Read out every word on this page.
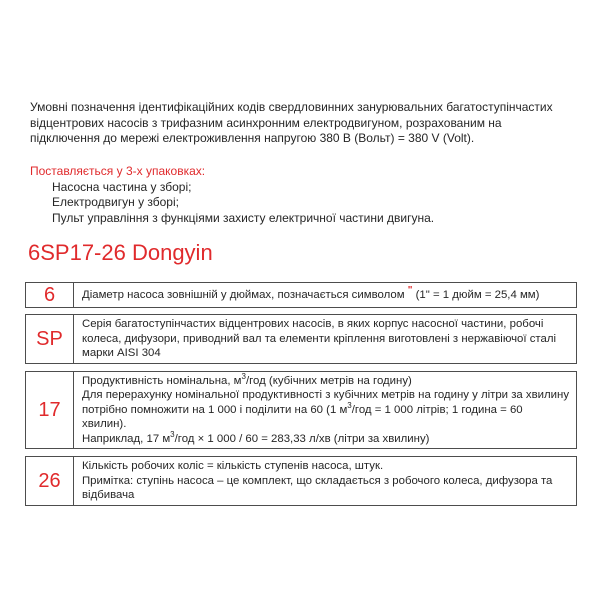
Умовні позначення ідентифікаційних кодів свердловинних занурювальних багатоступінчастих відцентрових насосів з трифазним асинхронним електродвигуном, розрахованим на підключення до мережі електроживлення напругою 380 В (Вольт) = 380 V (Volt).

Поставляється у 3-х упаковках:
Насосна частина у зборі;
Електродвигун у зборі;
Пульт управління з функціями захисту електричної частини двигуна.
6SP17-26 Dongyin
6 Діаметр насоса зовнішній у дюймах, позначається символом " (1" = 1 дюйм = 25,4 мм)

SP

Серія багатоступінчастих відцентрових насосів, в яких корпус насосної частини, робочі колеса, дифузори, приводний вал та елементи кріплення виготовлені з нержавіючої сталі марки AISI 304

17

Продуктивність номінальна, $м^3$/год (кубічних метрів на годину)

Для перерахунку номінальної продуктивності з кубічних метрів на годину у літри за хвилину потрібно помножити на 1 000 і поділити на 60 (1 $м^3$/год = 1 000 літрів; 1 година = 60 хвилин).

Наприклад, 17 $м^3$/год × 1 000 / 60 = 283,33 л/хв (літри за хвилину)

26

Кількість робочих коліс = кількість ступенів насоса, штук.

Примітка: ступінь насоса – це комплект, що складається з робочого колеса, дифузора та відбивача
